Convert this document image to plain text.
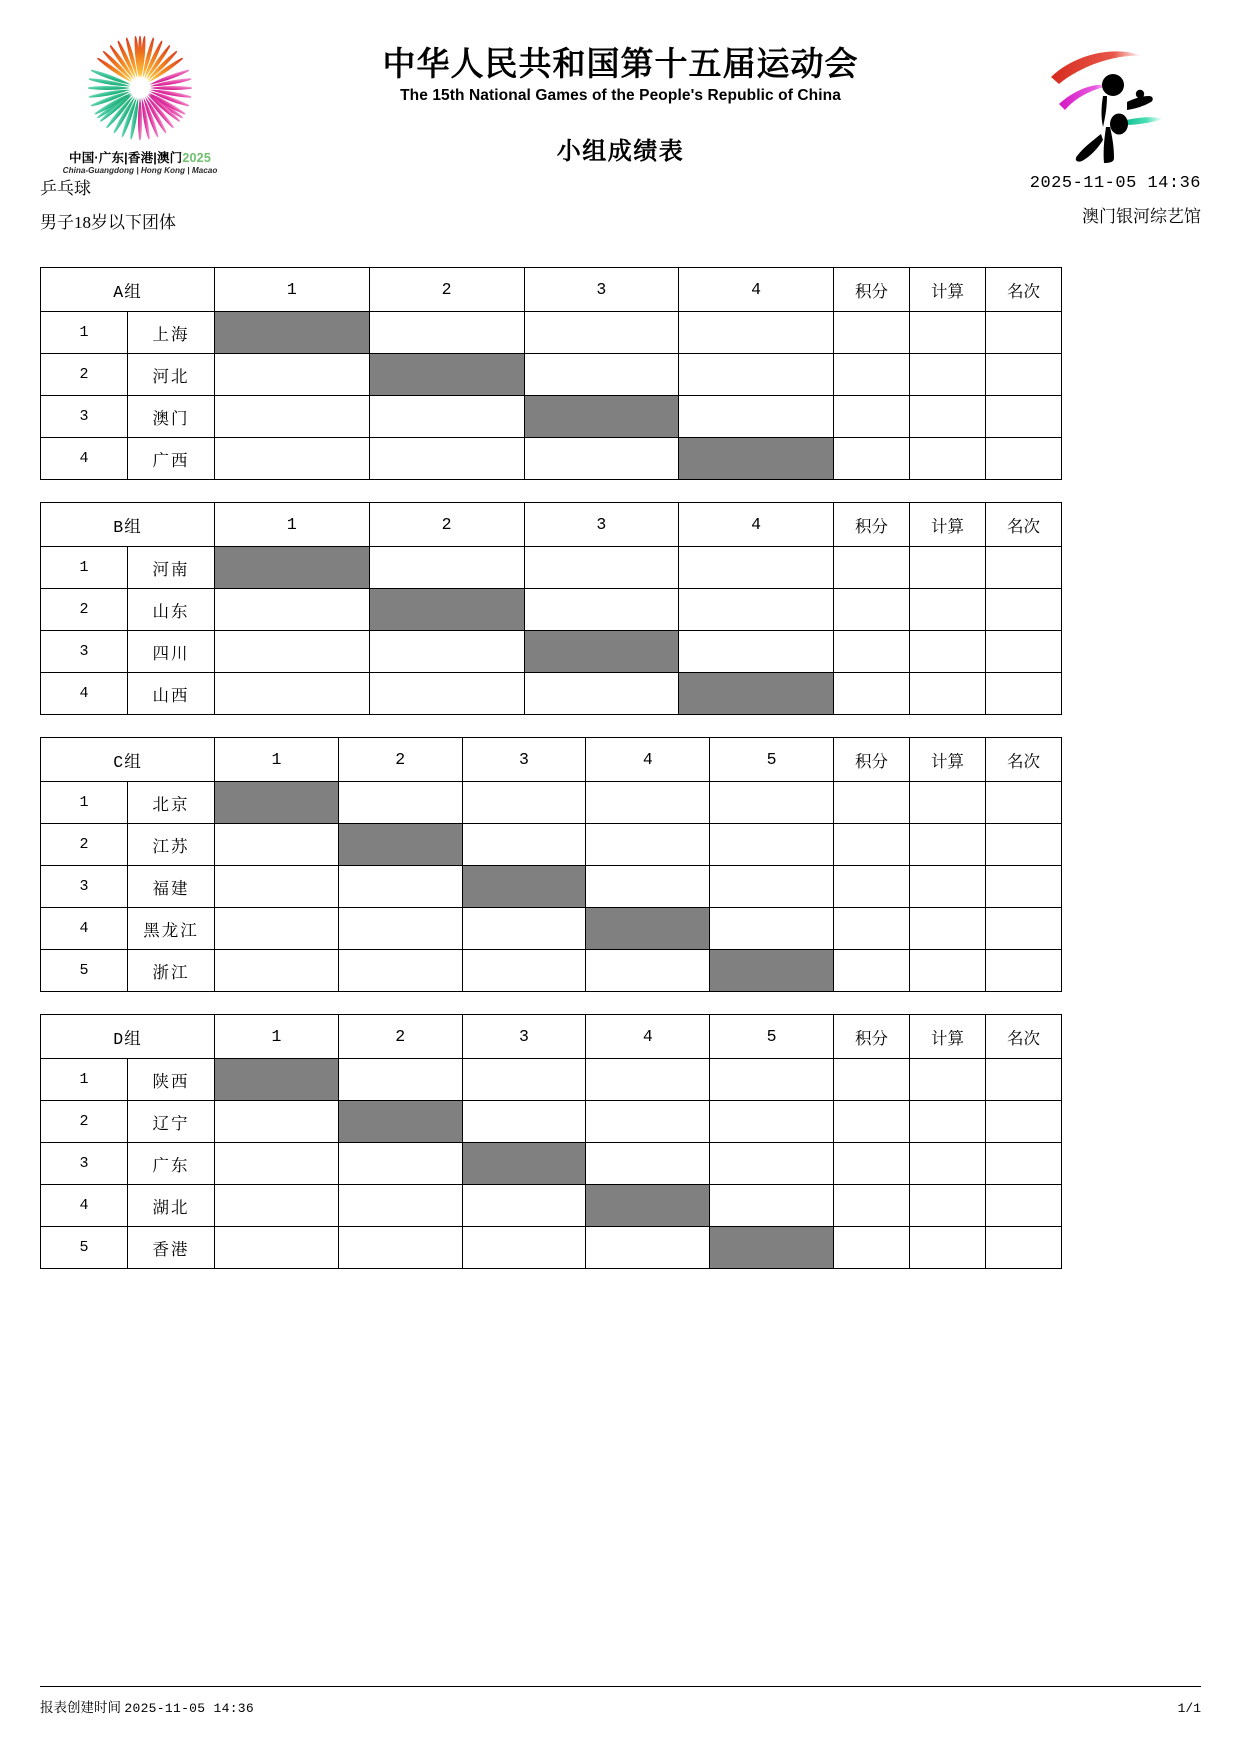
中国·广东|香港|澳门2025
China-Guangdong | Hong Kong | Macao
中华人民共和国第十五届运动会
The 15th National Games of the People's Republic of China
小组成绩表
乒乓球
男子18岁以下团体
2025-11-05 14:36
澳门银河综艺馆
A组		1	2	3	4	积分	计算	名次
1	上海							
2	河北							
3	澳门							
4	广西							
B组		1	2	3	4	积分	计算	名次
1	河南							
2	山东							
3	四川							
4	山西							
C组		1	2	3	4	5	积分	计算	名次
1	北京								
2	江苏								
3	福建								
4	黑龙江								
5	浙江								
D组		1	2	3	4	5	积分	计算	名次
1	陕西								
2	辽宁								
3	广东								
4	湖北								
5	香港								
报表创建时间 2025-11-05 14:36	1/1
